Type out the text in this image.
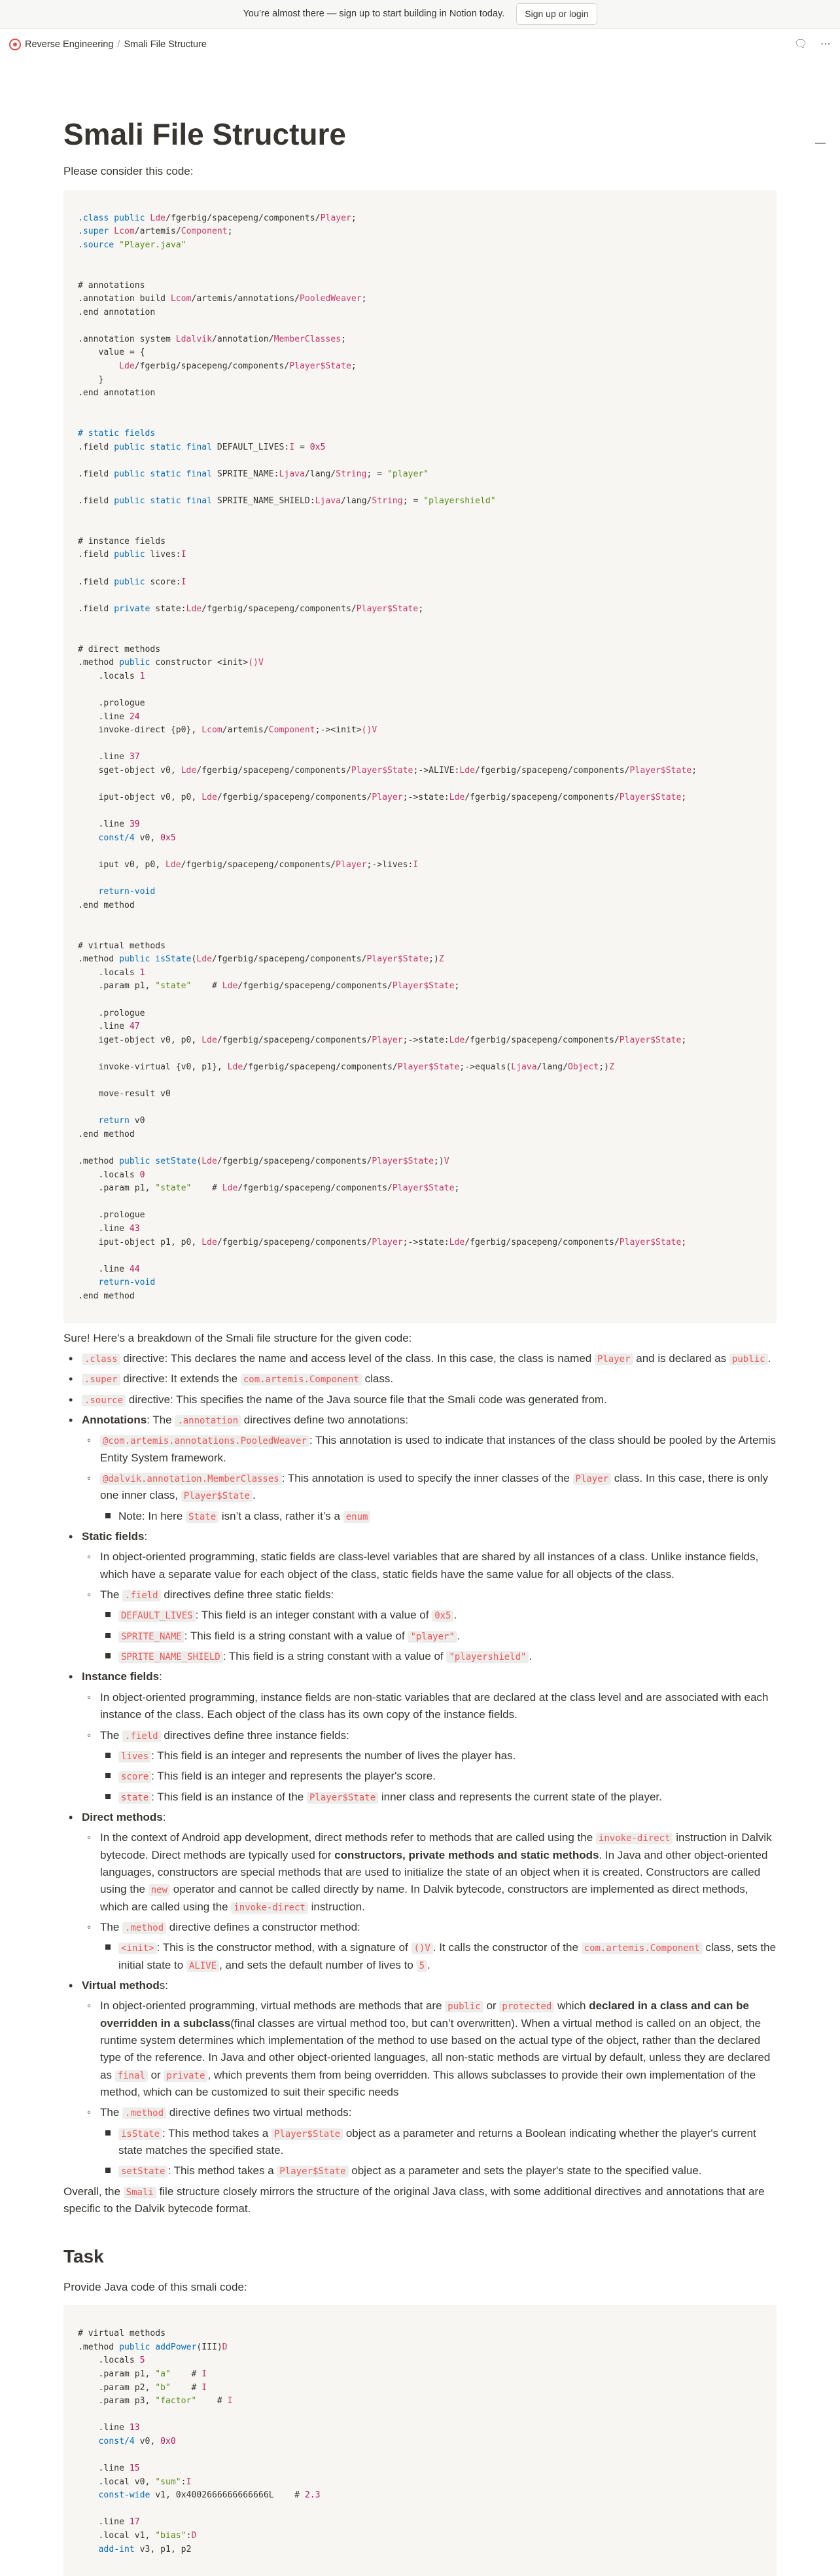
You’re almost there — sign up to start building in Notion today.	Sign up or login
Reverse Engineering / Smali File Structure	🗨 ⋯
Smali File Structure

Please consider this code:

.class public Lde/fgerbig/spacepeng/components/Player;
.super Lcom/artemis/Component;
.source "Player.java"

# annotations
.annotation build Lcom/artemis/annotations/PooledWeaver;
.end annotation

.annotation system Ldalvik/annotation/MemberClasses;
value = {
Lde/fgerbig/spacepeng/components/Player$State;
}
.end annotation

# static fields
.field public static final DEFAULT_LIVES:I = 0x5

.field public static final SPRITE_NAME:Ljava/lang/String; = "player"

.field public static final SPRITE_NAME_SHIELD:Ljava/lang/String; = "playershield"

# instance fields
.field public lives:I

.field public score:I

.field private state:Lde/fgerbig/spacepeng/components/Player$State;

# direct methods
.method public constructor <init>()V
.locals 1

.prologue
.line 24
invoke-direct {p0}, Lcom/artemis/Component;-><init>()V

.line 37
sget-object v0, Lde/fgerbig/spacepeng/components/Player$State;->ALIVE:Lde/fgerbig/spacepeng/components/Player$State;

iput-object v0, p0, Lde/fgerbig/spacepeng/components/Player;->state:Lde/fgerbig/spacepeng/components/Player$State;

.line 39
const/4 v0, 0x5

iput v0, p0, Lde/fgerbig/spacepeng/components/Player;->lives:I

return-void
.end method

# virtual methods
.method public isState(Lde/fgerbig/spacepeng/components/Player$State;)Z
.locals 1
.param p1, "state"    # Lde/fgerbig/spacepeng/components/Player$State;

.prologue
.line 47
iget-object v0, p0, Lde/fgerbig/spacepeng/components/Player;->state:Lde/fgerbig/spacepeng/components/Player$State;

invoke-virtual {v0, p1}, Lde/fgerbig/spacepeng/components/Player$State;->equals(Ljava/lang/Object;)Z

move-result v0

return v0
.end method

.method public setState(Lde/fgerbig/spacepeng/components/Player$State;)V
.locals 0
.param p1, "state"    # Lde/fgerbig/spacepeng/components/Player$State;

.prologue
.line 43
iput-object p1, p0, Lde/fgerbig/spacepeng/components/Player;->state:Lde/fgerbig/spacepeng/components/Player$State;

.line 44
return-void
.end method

Sure! Here's a breakdown of the Smali file structure for the given code:

• .class directive: This declares the name and access level of the class. In this case, the class is named Player and is declared as public .
• .super directive: It extends the com.artemis.Component class.
• .source directive: This specifies the name of the Java source file that the Smali code was generated from.
• Annotations: The .annotation directives define two annotations:
◦ @com.artemis.annotations.PooledWeaver : This annotation is used to indicate that instances of the class should be pooled by the Artemis Entity System framework.
◦ @dalvik.annotation.MemberClasses : This annotation is used to specify the inner classes of the Player class. In this case, there is only one inner class, Player$State .
Note: In here State isn’t a class, rather it’s a enum
• Static fields:
◦ In object-oriented programming, static fields are class-level variables that are shared by all instances of a class. Unlike instance fields, which have a separate value for each object of the class, static fields have the same value for all objects of the class.
◦ The .field directives define three static fields:
DEFAULT_LIVES : This field is an integer constant with a value of 0x5 .
SPRITE_NAME : This field is a string constant with a value of "player" .
SPRITE_NAME_SHIELD : This field is a string constant with a value of "playershield" .
• Instance fields:
◦ In object-oriented programming, instance fields are non-static variables that are declared at the class level and are associated with each instance of the class. Each object of the class has its own copy of the instance fields.
◦ The .field directives define three instance fields:
lives : This field is an integer and represents the number of lives the player has.
score : This field is an integer and represents the player's score.
state : This field is an instance of the Player$State inner class and represents the current state of the player.
• Direct methods:
◦ In the context of Android app development, direct methods refer to methods that are called using the invoke-direct instruction in Dalvik bytecode. Direct methods are typically used for constructors, private methods and static methods. In Java and other object-oriented languages, constructors are special methods that are used to initialize the state of an object when it is created. Constructors are called using the new operator and cannot be called directly by name. In Dalvik bytecode, constructors are implemented as direct methods, which are called using the invoke-direct instruction.
◦ The .method directive defines a constructor method:
<init> : This is the constructor method, with a signature of ()V . It calls the constructor of the com.artemis.Component class, sets the initial state to ALIVE , and sets the default number of lives to 5 .
• Virtual methods:
◦ In object-oriented programming, virtual methods are methods that are public or protected which declared in a class and can be overridden in a subclass(final classes are virtual method too, but can’t overwritten). When a virtual method is called on an object, the runtime system determines which implementation of the method to use based on the actual type of the object, rather than the declared type of the reference. In Java and other object-oriented languages, all non-static methods are virtual by default, unless they are declared as final or private , which prevents them from being overridden. This allows subclasses to provide their own implementation of the method, which can be customized to suit their specific needs
◦ The .method directive defines two virtual methods:
isState : This method takes a Player$State object as a parameter and returns a Boolean indicating whether the player's current state matches the specified state.
setState : This method takes a Player$State object as a parameter and sets the player's state to the specified value.

Overall, the Smali file structure closely mirrors the structure of the original Java class, with some additional directives and annotations that are specific to the Dalvik bytecode format.

Task

Provide Java code of this smali code:

# virtual methods
.method public addPower(III)D
.locals 5
.param p1, "a"    # I
.param p2, "b"    # I
.param p3, "factor"    # I

.line 13
const/4 v0, 0x0

.line 15
.local v0, "sum":I
const-wide v1, 0x4002666666666666L    # 2.3

.line 17
.local v1, "bias":D
add-int v3, p1, p2
